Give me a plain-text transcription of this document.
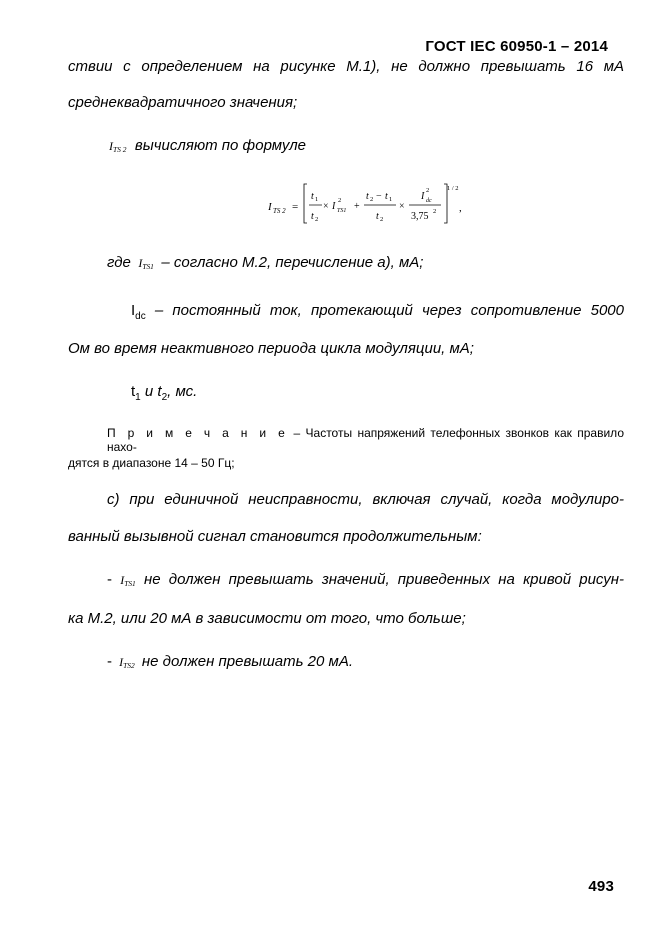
ГОСТ IEC 60950-1 – 2014
ствии с определением на рисунке М.1), не должно превышать 16 мА
среднеквадратичного значения;
ITS 2 вычисляют по формуле
I TS 2 =
t 1
t 2
× I
2
TS1 +
t 2 − t 1
t 2
×
I
2
dc
3,75 2
1 / 2
,
где ITS1 – согласно М.2, перечисление а), мА;
$I_{dc}$ – постоянный ток, протекающий через сопротивление 5000
Ом во время неактивного периода цикла модуляции, мА;
$t_1$ и $t_2$, мс.
П р и м е ч а н и е – Частоты напряжений телефонных звонков как правило нахо-
дятся в диапазоне 14 – 50 Гц;
c) при единичной неисправности, включая случай, когда модулиро-
ванный вызывной сигнал становится продолжительным:
- ITS1 не должен превышать значений, приведенных на кривой рисун-
ка М.2, или 20 мА в зависимости от того, что больше;
- ITS2 не должен превышать 20 мА.
493
